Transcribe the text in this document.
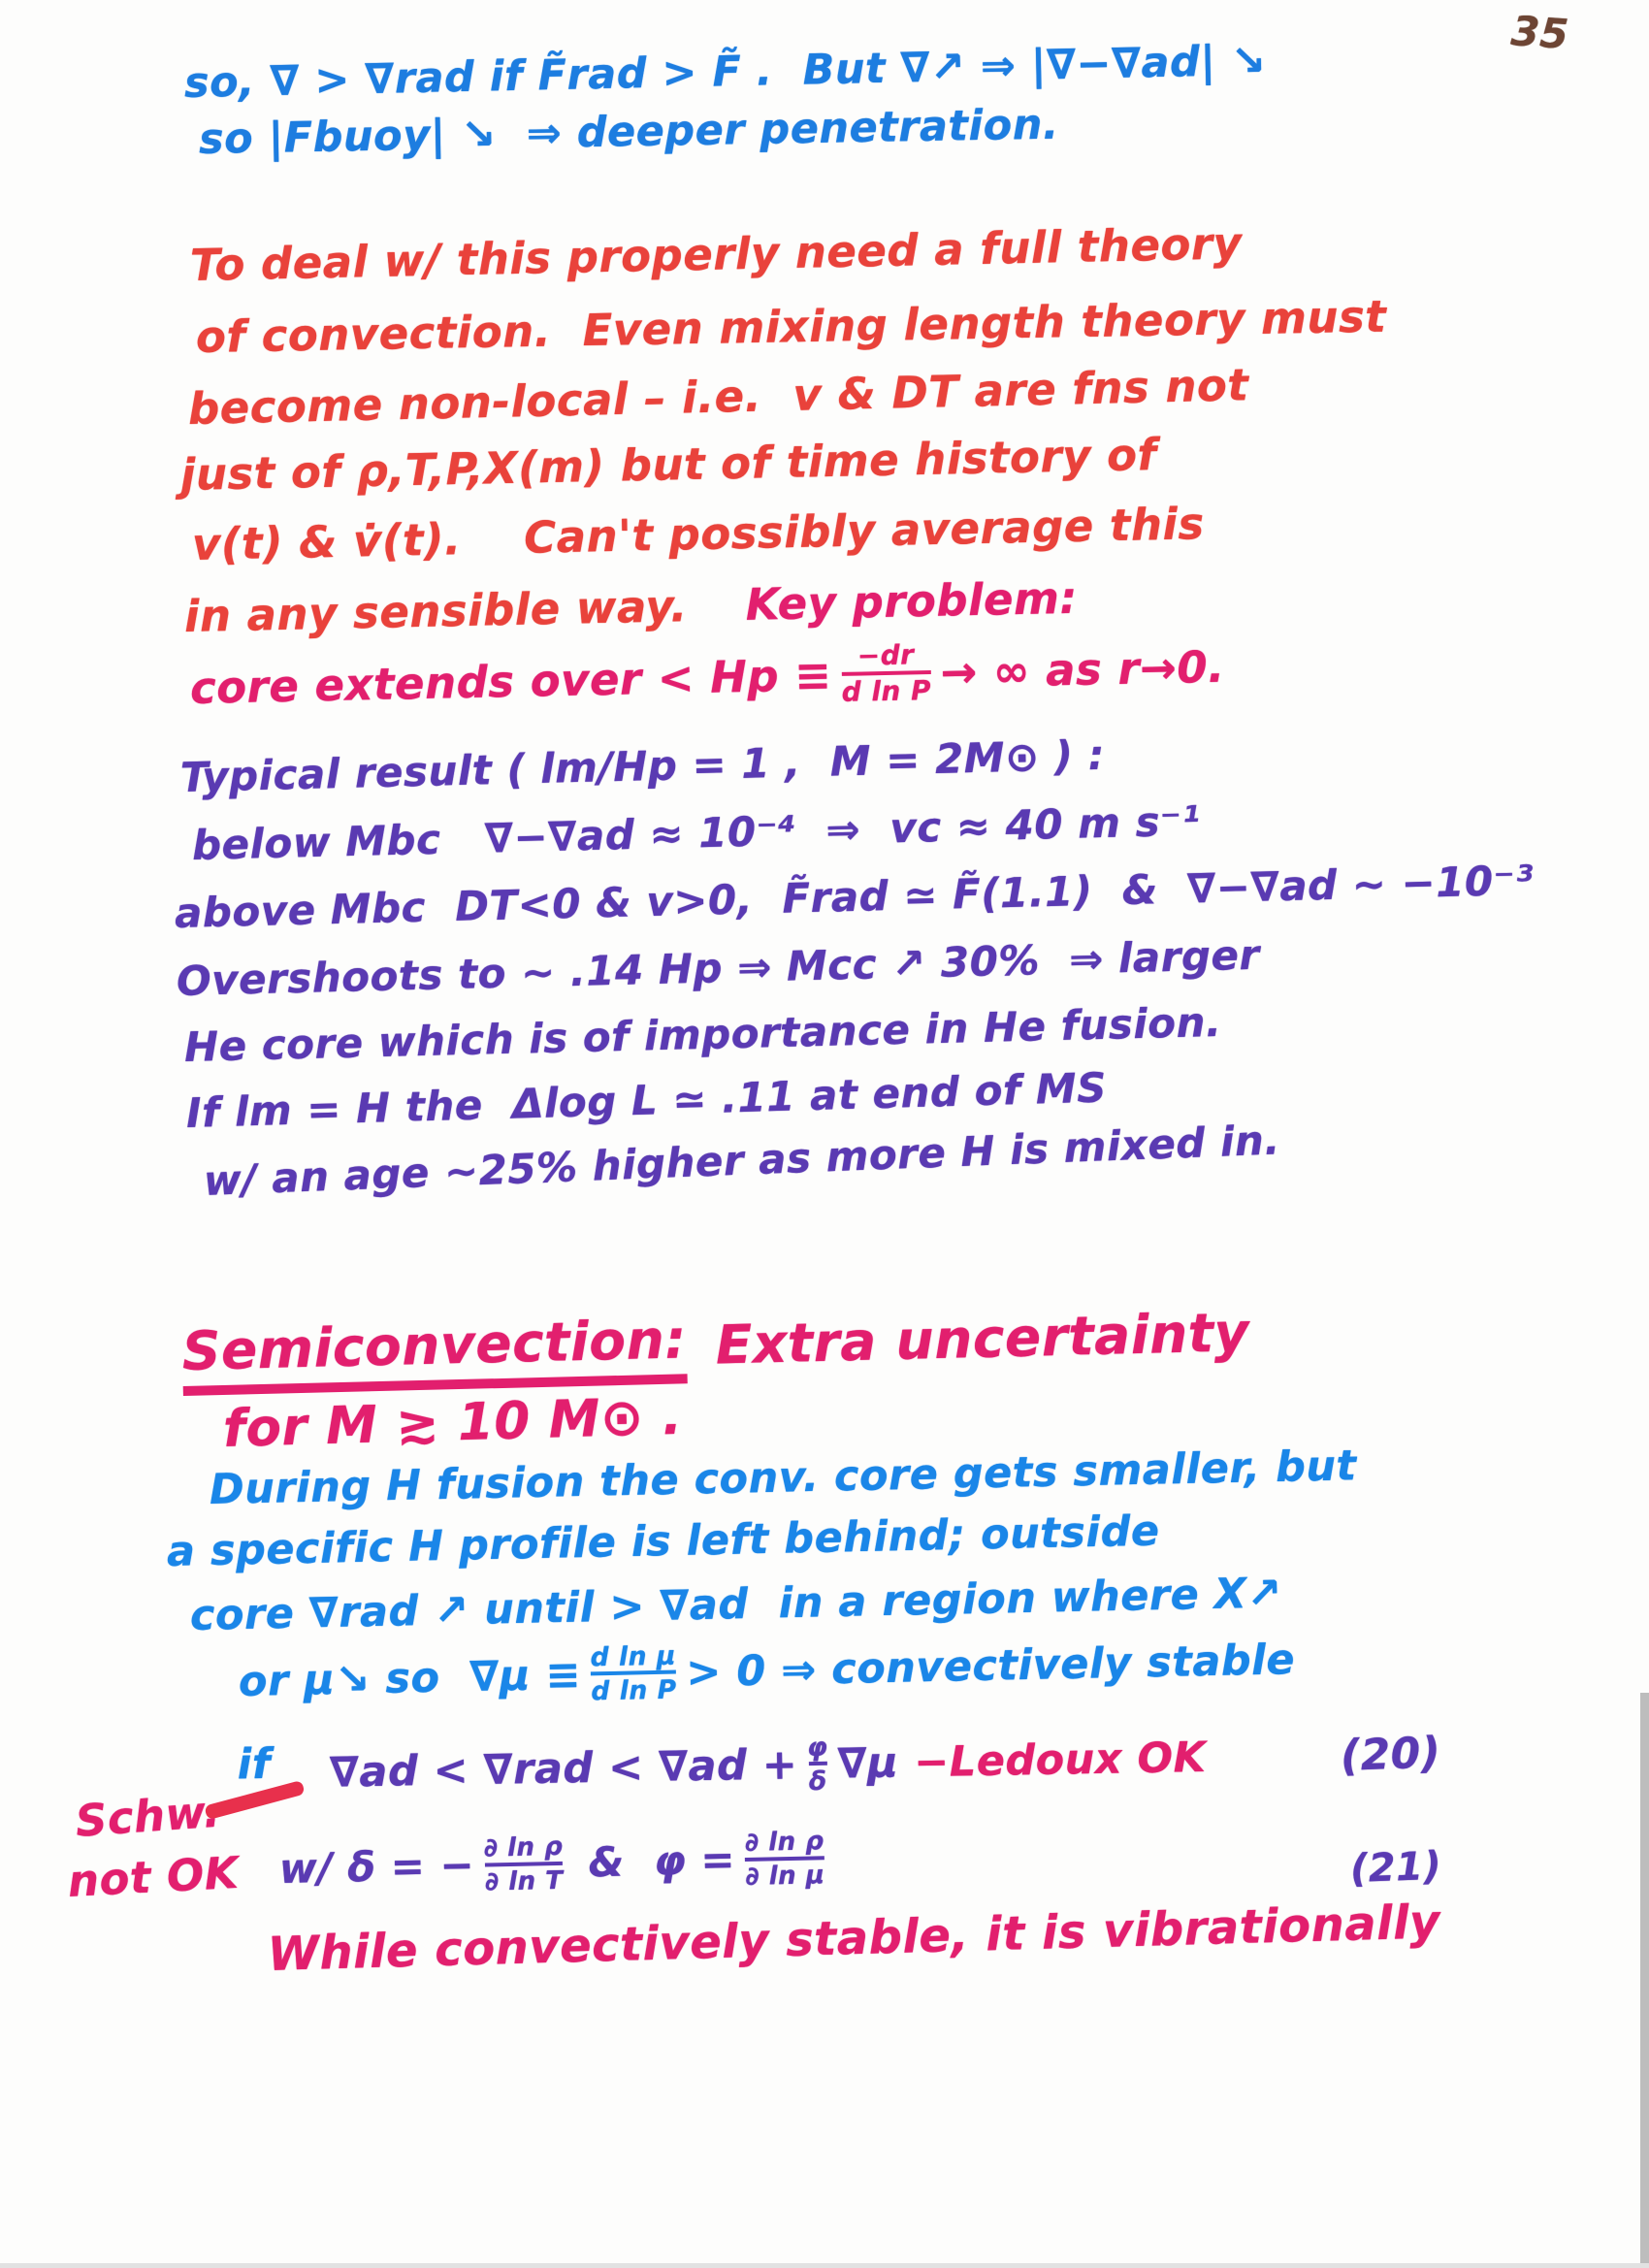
35
so, ∇ > ∇rad if F̃rad > F̃ .  But ∇↗ ⇒ |∇−∇ad| ↘
so |Fbuoy| ↘  ⇒ deeper penetration.
To deal w/ this properly need a full theory
of convection.  Even mixing length theory must
become non-local – i.e.  v & DT are fns not
just of ρ,T,P,X(m) but of time history of
v(t) & v̇(t).    Can't possibly average this
in any sensible way. Key problem:
core extends over < $Hp \equiv \frac{-dr}{\text{d ln P}}$ → ∞ as r→0.
Typical result ( lm/Hp = 1 ,  M = 2M⊙ ) :
below Mbc   ∇−∇ad ≈ 10⁻⁴  ⇒  vc ≈ 40 m s⁻¹
above Mbc  DT<0 & v>0,  F̃rad ≃ F̃(1.1)  &  ∇−∇ad ~ −10⁻³
Overshoots to ~ .14 Hp ⇒ Mcc ↗ 30%  ⇒ larger
He core which is of importance in He fusion.
If lm = H the  Δlog L ≃ .11 at end of MS
w/ an age ~25% higher as more H is mixed in.
Semiconvection: Extra uncertainty
for M ≳ 10 M⊙ .
During H fusion the conv. core gets smaller, but
a specific H profile is left behind; outside
core ∇rad ↗ until > ∇ad  in a region where X↗
or μ↘ so  $\nabla\mu \equiv \frac{\text{d ln μ}}{\text{d ln P}} > 0$ ⇒ convectively stable
if $\nabla ad < \nabla rad < \nabla ad + \frac{\varphi}{\delta} \nabla\mu$ −Ledoux OK	(20)
Schw.
not OK w/ δ = − $\frac{\text{∂ ln ρ}}{\text{∂ ln T}}$ &  $\varphi = \frac{\text{∂ ln ρ}}{\text{∂ ln μ}}$	(21)
While convectively stable, it is vibrationally
